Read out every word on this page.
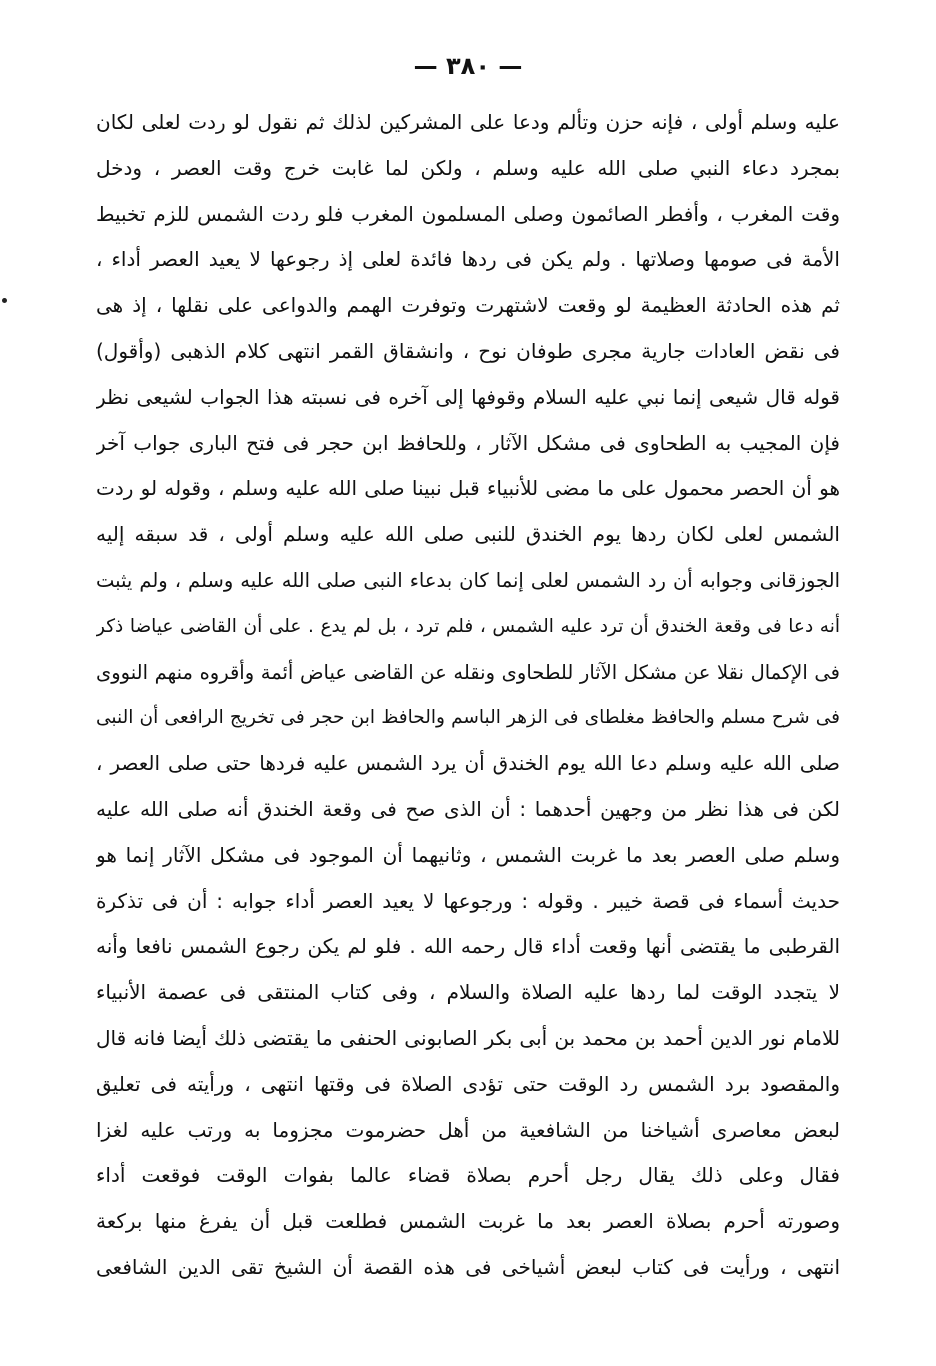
— ٣٨٠ —
عليه وسلم أولى ، فإنه حزن وتألم ودعا على المشركين لذلك ثم نقول لو ردت لعلى لكان
بمجرد دعاء النبي صلى الله عليه وسلم ، ولكن لما غابت خرج وقت العصر ، ودخل
وقت المغرب ، وأفطر الصائمون وصلى المسلمون المغرب فلو ردت الشمس للزم تخبيط
الأمة فى صومها وصلاتها . ولم يكن فى ردها فائدة لعلى إذ رجوعها لا يعيد العصر أداء ،
ثم هذه الحادثة العظيمة لو وقعت لاشتهرت وتوفرت الهمم والدواعى على نقلها ، إذ هى
فى نقض العادات جارية مجرى طوفان نوح ، وانشقاق القمر انتهى كلام الذهبى (وأقول)
قوله قال شيعى إنما نبي عليه السلام وقوفها إلى آخره فى نسبته هذا الجواب لشيعى نظر
فإن المجيب به الطحاوى فى مشكل الآثار ، وللحافظ ابن حجر فى فتح البارى جواب آخر
هو أن الحصر محمول على ما مضى للأنبياء قبل نبينا صلى الله عليه وسلم ، وقوله لو ردت
الشمس لعلى لكان ردها يوم الخندق للنبى صلى الله عليه وسلم أولى ، قد سبقه إليه
الجوزقانى وجوابه أن رد الشمس لعلى إنما كان بدعاء النبى صلى الله عليه وسلم ، ولم يثبت
أنه دعا فى وقعة الخندق أن ترد عليه الشمس ، فلم ترد ، بل لم يدع . على أن القاضى عياضا ذكر
فى الإكمال نقلا عن مشكل الآثار للطحاوى ونقله عن القاضى عياض أئمة وأقروه منهم النووى
فى شرح مسلم والحافظ مغلطاى فى الزهر الباسم والحافظ ابن حجر فى تخريج الرافعى أن النبى
صلى الله عليه وسلم دعا الله يوم الخندق أن يرد الشمس عليه فردها حتى صلى العصر ،
لكن فى هذا نظر من وجهين أحدهما : أن الذى صح فى وقعة الخندق أنه صلى الله عليه
وسلم صلى العصر بعد ما غربت الشمس ، وثانيهما أن الموجود فى مشكل الآثار إنما هو
حديث أسماء فى قصة خيبر . وقوله : ورجوعها لا يعيد العصر أداء جوابه : أن فى تذكرة
القرطبى ما يقتضى أنها وقعت أداء قال رحمه الله . فلو لم يكن رجوع الشمس نافعا وأنه
لا يتجدد الوقت لما ردها عليه الصلاة والسلام ، وفى كتاب المنتقى فى عصمة الأنبياء
للامام نور الدين أحمد بن محمد بن أبى بكر الصابونى الحنفى ما يقتضى ذلك أيضا فانه قال
والمقصود برد الشمس رد الوقت حتى تؤدى الصلاة فى وقتها انتهى ، ورأيته فى تعليق
لبعض معاصرى أشياخنا من الشافعية من أهل حضرموت مجزوما به ورتب عليه لغزا
فقال وعلى ذلك يقال رجل أحرم بصلاة قضاء عالما بفوات الوقت فوقعت أداء
وصورته أحرم بصلاة العصر بعد ما غربت الشمس فطلعت قبل أن يفرغ منها بركعة
انتهى ، ورأيت فى كتاب لبعض أشياخى فى هذه القصة أن الشيخ تقى الدين الشافعى
